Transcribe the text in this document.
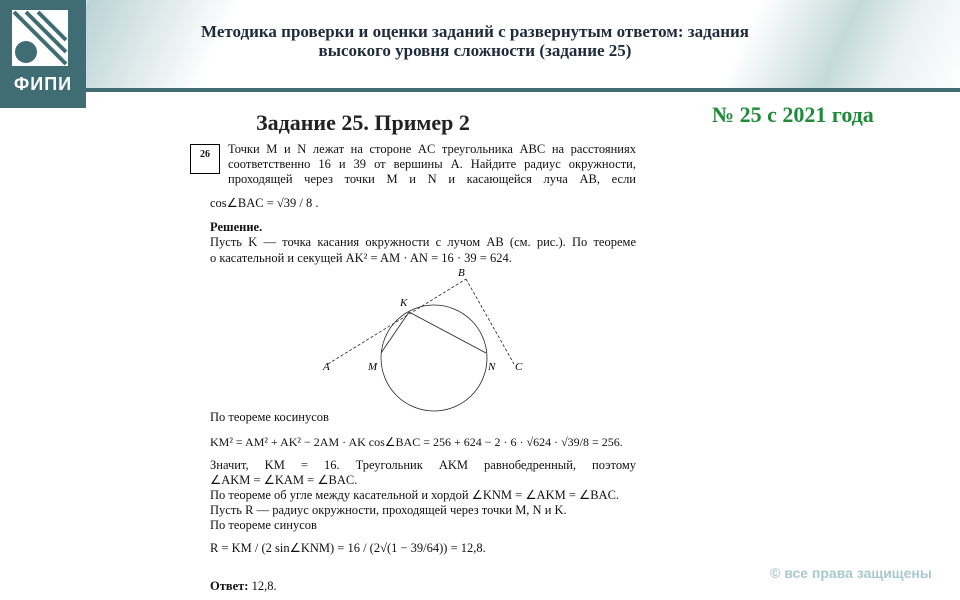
ФИПИ
Методика проверки и оценки заданий с развернутым ответом: задания
высокого уровня сложности (задание 25)
Задание 25. Пример 2	№ 25 с 2021 года
26	Точки M и N лежат на стороне AC треугольника ABC на расстояниях
соответственно 16 и 39 от вершины A. Найдите радиус окружности,
проходящей через точки M и N и касающейся луча AB, если
cos∠BAC = √39 / 8 .
Решение.
Пусть K — точка касания окружности с лучом AB (см. рис.). По теореме
о касательной и секущей AK² = AM · AN = 16 · 39 = 624.
По теореме косинусов
KM² = AM² + AK² − 2AM · AK cos∠BAC = 256 + 624 − 2 · 6 · √624 · √39/8 = 256.
Значит, KM = 16. Треугольник AKM равнобедренный, поэтому
∠AKM = ∠KAM = ∠BAC.
По теореме об угле между касательной и хордой ∠KNM = ∠AKM = ∠BAC.
Пусть R — радиус окружности, проходящей через точки M, N и K.
По теореме синусов
R = KM / (2 sin∠KNM) = 16 / (2√(1 − 39/64)) = 12,8.
Ответ: 12,8.
A	M	N C
K
B
© все права защищены
